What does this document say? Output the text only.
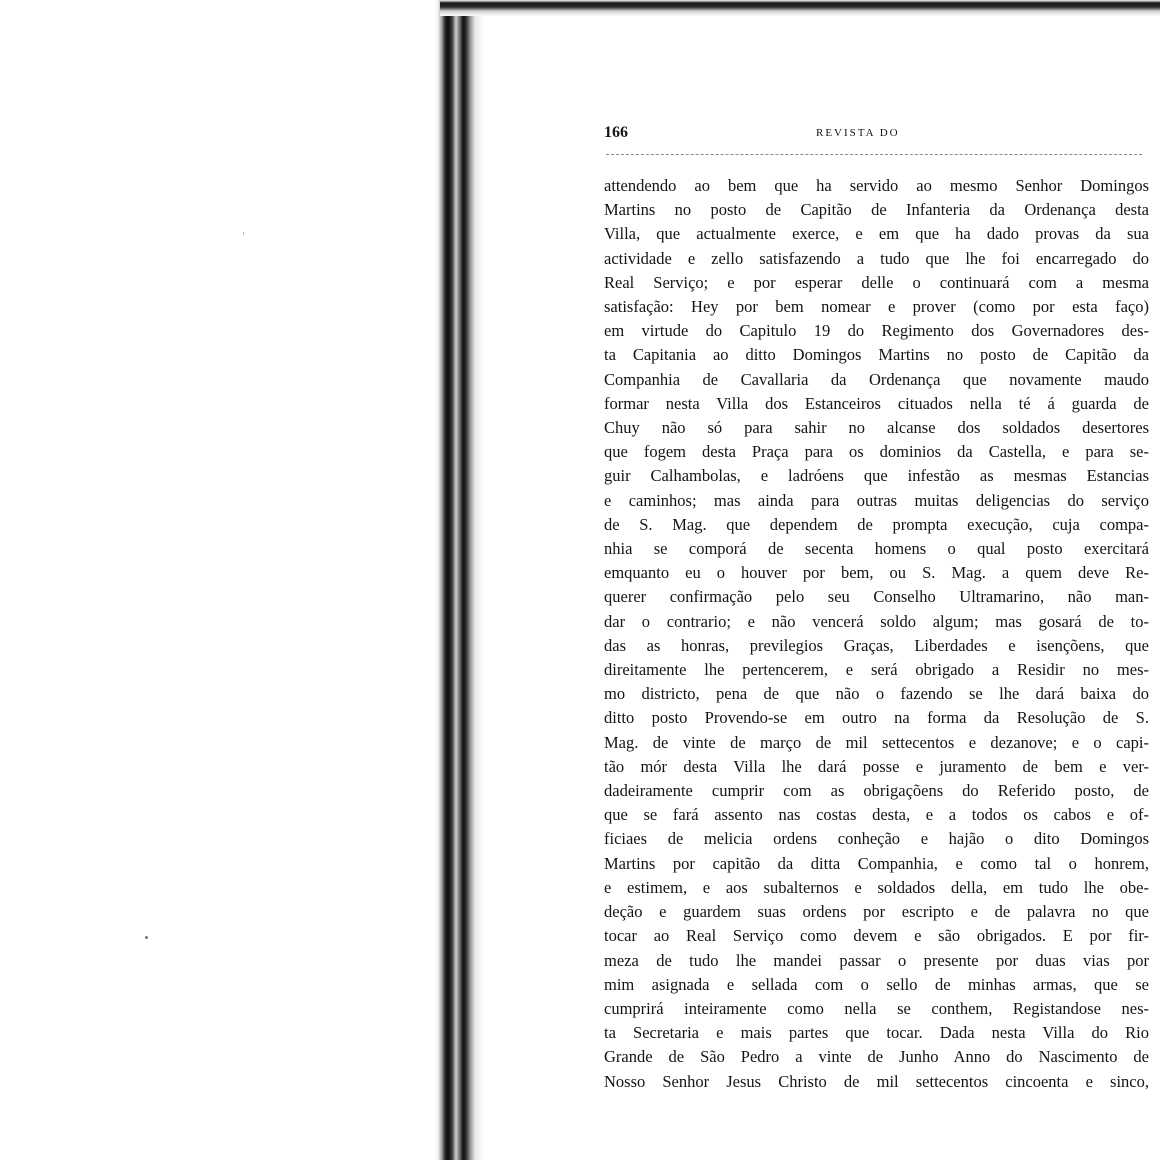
166	REVISTA DO
attendendo ao bem que ha servido ao mesmo Senhor Domingos
Martins no posto de Capitão de Infanteria da Ordenança desta
Villa, que actualmente exerce, e em que ha dado provas da sua
actividade e zello satisfazendo a tudo que lhe foi encarregado do
Real Serviço; e por esperar delle o continuará com a mesma
satisfação: Hey por bem nomear e prover (como por esta faço)
em virtude do Capitulo 19 do Regimento dos Governadores des-
ta Capitania ao ditto Domingos Martins no posto de Capitão da
Companhia de Cavallaria da Ordenança que novamente maudo
formar nesta Villa dos Estanceiros cituados nella té á guarda de
Chuy não só para sahir no alcanse dos soldados desertores
que fogem desta Praça para os dominios da Castella, e para se-
guir Calhambolas, e ladróens que infestão as mesmas Estancias
e caminhos; mas ainda para outras muitas deligencias do serviço
de S. Mag. que dependem de prompta execução, cuja compa-
nhia se comporá de secenta homens o qual posto exercitará
emquanto eu o houver por bem, ou S. Mag. a quem deve Re-
querer confirmação pelo seu Conselho Ultramarino, não man-
dar o contrario; e não vencerá soldo algum; mas gosará de to-
das as honras, previlegios Graças, Liberdades e isençõens, que
direitamente lhe pertencerem, e será obrigado a Residir no mes-
mo districto, pena de que não o fazendo se lhe dará baixa do
ditto posto Provendo-se em outro na forma da Resolução de S.
Mag. de vinte de março de mil settecentos e dezanove; e o capi-
tão mór desta Villa lhe dará posse e juramento de bem e ver-
dadeiramente cumprir com as obrigaçõens do Referido posto, de
que se fará assento nas costas desta, e a todos os cabos e of-
ficiaes de melicia ordens conheção e hajão o dito Domingos
Martins por capitão da ditta Companhia, e como tal o honrem,
e estimem, e aos subalternos e soldados della, em tudo lhe obe-
deção e guardem suas ordens por escripto e de palavra no que
tocar ao Real Serviço como devem e são obrigados. E por fir-
meza de tudo lhe mandei passar o presente por duas vias por
mim asignada e sellada com o sello de minhas armas, que se
cumprirá inteiramente como nella se conthem, Registandose nes-
ta Secretaria e mais partes que tocar. Dada nesta Villa do Rio
Grande de São Pedro a vinte de Junho Anno do Nascimento de
Nosso Senhor Jesus Christo de mil settecentos cincoenta e sinco,
